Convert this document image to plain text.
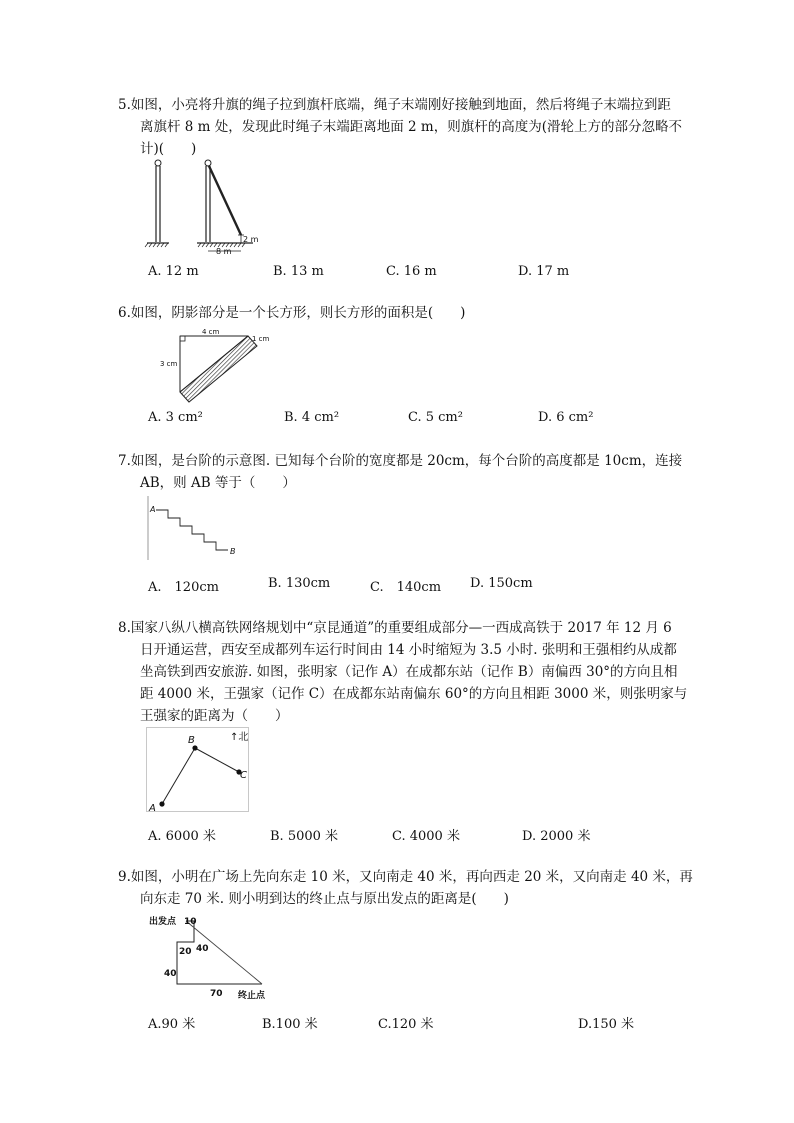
5.如图，小亮将升旗的绳子拉到旗杆底端，绳子末端刚好接触到地面，然后将绳子末端拉到距

离旗杆 8 m 处，发现此时绳子末端距离地面 2 m，则旗杆的高度为(滑轮上方的部分忽略不

计)(　　)

2 m
8 m
A. 12 m	B. 13 m	C. 16 m	D. 17 m

6.如图，阴影部分是一个长方形，则长方形的面积是(　　)

4 cm
3 cm
1 cm
A. 3 cm²	B. 4 cm²	C. 5 cm²	D. 6 cm²

7.如图，是台阶的示意图. 已知每个台阶的宽度都是 20cm，每个台阶的高度都是 10cm，连接

AB，则 AB 等于（　　）

A
B
A.　120cm	B. 130cm	C.　140cm D. 150cm

8.国家八纵八横高铁网络规划中“京昆通道”的重要组成部分—一西成高铁于 2017 年 12 月 6

日开通运营，西安至成都列车运行时间由 14 小时缩短为 3.5 小时. 张明和王强相约从成都

坐高铁到西安旅游. 如图，张明家（记作 A）在成都东站（记作 B）南偏西 30°的方向且相

距 4000 米，王强家（记作 C）在成都东站南偏东 60°的方向且相距 3000 米，则张明家与

王强家的距离为（　　）

A
B
C
↑北
A. 6000 米	B. 5000 米	C. 4000 米	D. 2000 米

9.如图，小明在广场上先向东走 10 米，又向南走 40 米，再向西走 20 米，又向南走 40 米，再

向东走 70 米. 则小明到达的终止点与原出发点的距离是(　　)

出发点 10
20 40
40
70 终止点
A.90 米	B.100 米	C.120 米	D.150 米
